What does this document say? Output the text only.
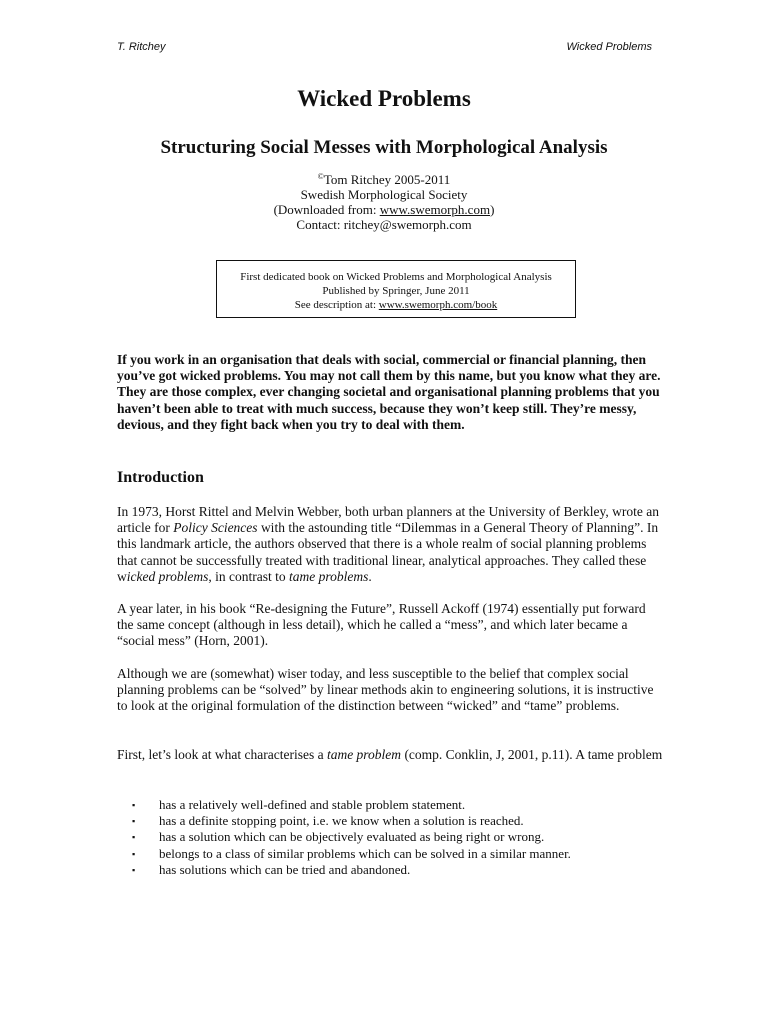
T. Ritchey	Wicked Problems
Wicked Problems
Structuring Social Messes with Morphological Analysis
©Tom Ritchey 2005-2011
Swedish Morphological Society
(Downloaded from: www.swemorph.com)
Contact: ritchey@swemorph.com
First dedicated book on Wicked Problems and Morphological Analysis
Published by Springer, June 2011
See description at: www.swemorph.com/book

If you work in an organisation that deals with social, commercial or financial planning, then you’ve got wicked problems. You may not call them by this name, but you know what they are. They are those complex, ever changing societal and organisational planning problems that you haven’t been able to treat with much success, because they won’t keep still. They’re messy, devious, and they fight back when you try to deal with them.

Introduction

In 1973, Horst Rittel and Melvin Webber, both urban planners at the University of Berkley, wrote an article for Policy Sciences with the astounding title “Dilemmas in a General Theory of Planning”. In this landmark article, the authors observed that there is a whole realm of social planning problems that cannot be successfully treated with traditional linear, analytical approaches. They called these wicked problems, in contrast to tame problems.

A year later, in his book “Re-designing the Future”, Russell Ackoff (1974) essentially put forward the same concept (although in less detail), which he called a “mess”, and which later became a “social mess” (Horn, 2001).

Although we are (somewhat) wiser today, and less susceptible to the belief that complex social planning problems can be “solved” by linear methods akin to engineering solutions, it is instructive to look at the original formulation of the distinction between “wicked” and “tame” problems.

First, let’s look at what characterises a tame problem (comp. Conklin, J, 2001, p.11). A tame problem

▪ has a relatively well-defined and stable problem statement.
▪ has a definite stopping point, i.e. we know when a solution is reached.
▪ has a solution which can be objectively evaluated as being right or wrong.
▪ belongs to a class of similar problems which can be solved in a similar manner.
▪ has solutions which can be tried and abandoned.
